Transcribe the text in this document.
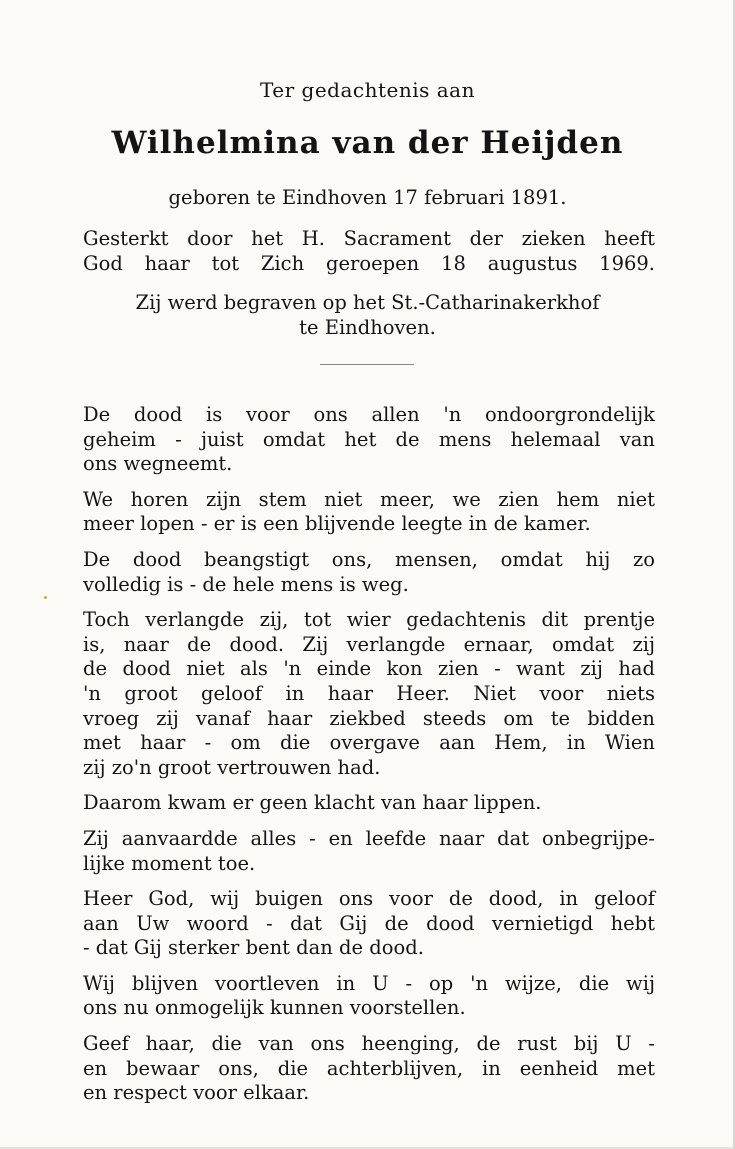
Ter gedachtenis aan
Wilhelmina van der Heijden
geboren te Eindhoven 17 februari 1891.
Gesterkt door het H. Sacrament der zieken heeft
God haar tot Zich geroepen 18 augustus 1969.
Zij werd begraven op het St.-Catharinakerkhof
te Eindhoven.
De dood is voor ons allen 'n ondoorgrondelijk
geheim - juist omdat het de mens helemaal van
ons wegneemt.
We horen zijn stem niet meer, we zien hem niet
meer lopen - er is een blijvende leegte in de kamer.
De dood beangstigt ons, mensen, omdat hij zo
volledig is - de hele mens is weg.
Toch verlangde zij, tot wier gedachtenis dit prentje
is, naar de dood. Zij verlangde ernaar, omdat zij
de dood niet als 'n einde kon zien - want zij had
'n groot geloof in haar Heer. Niet voor niets
vroeg zij vanaf haar ziekbed steeds om te bidden
met haar - om die overgave aan Hem, in Wien
zij zo'n groot vertrouwen had.
Daarom kwam er geen klacht van haar lippen.
Zij aanvaardde alles - en leefde naar dat onbegrijpe-
lijke moment toe.
Heer God, wij buigen ons voor de dood, in geloof
aan Uw woord - dat Gij de dood vernietigd hebt
- dat Gij sterker bent dan de dood.
Wij blijven voortleven in U - op 'n wijze, die wij
ons nu onmogelijk kunnen voorstellen.
Geef haar, die van ons heenging, de rust bij U -
en bewaar ons, die achterblijven, in eenheid met
en respect voor elkaar.
